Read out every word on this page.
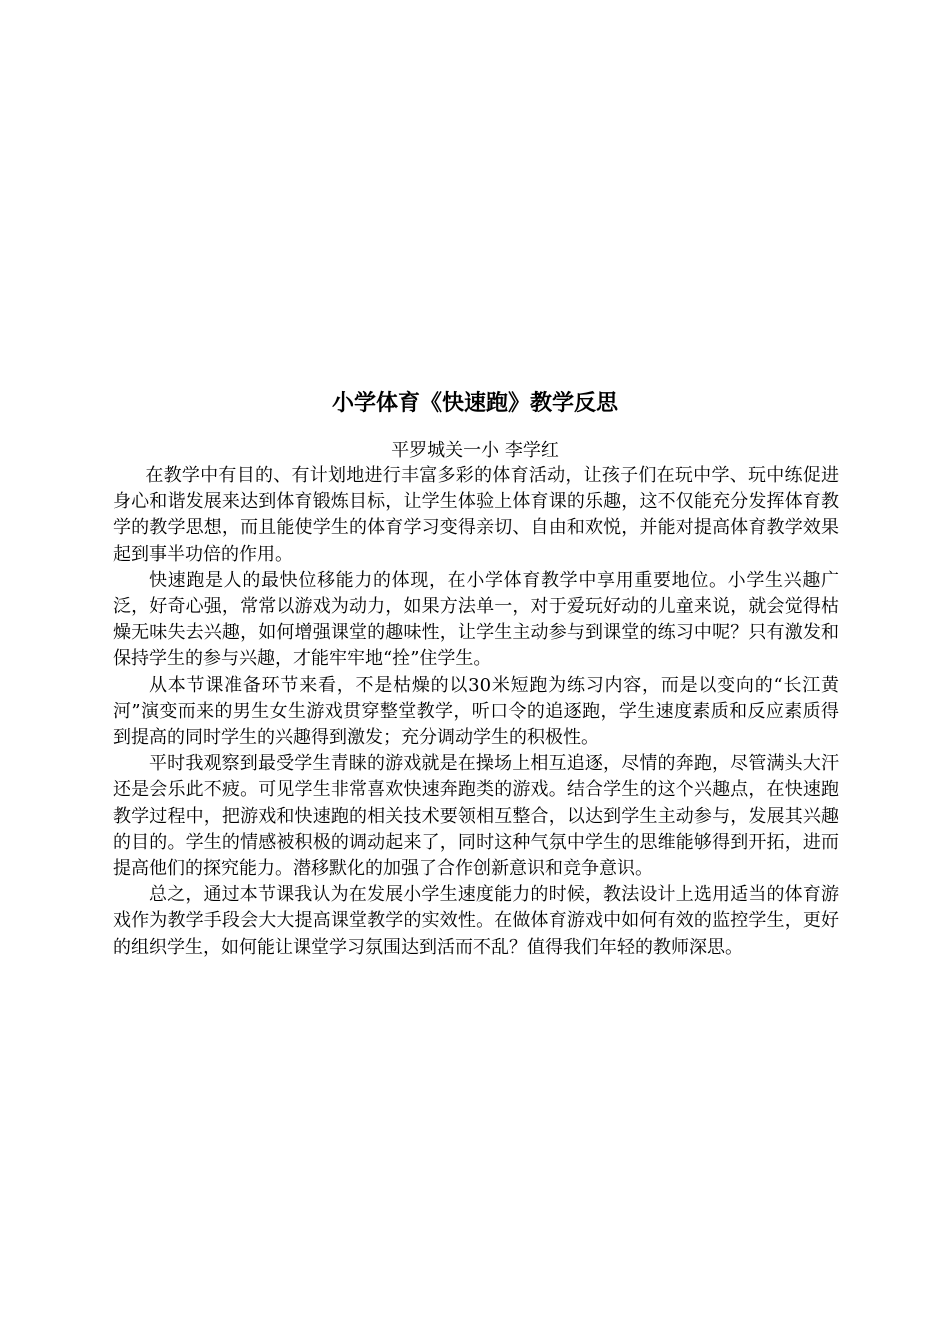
小学体育《快速跑》教学反思

平罗城关一小 李学红

在教学中有目的、有计划地进行丰富多彩的体育活动，让孩子们在玩中学、玩中练促进身心和谐发展来达到体育锻炼目标，让学生体验上体育课的乐趣，这不仅能充分发挥体育教学的教学思想，而且能使学生的体育学习变得亲切、自由和欢悦，并能对提高体育教学效果起到事半功倍的作用。

快速跑是人的最快位移能力的体现，在小学体育教学中享用重要地位。小学生兴趣广泛，好奇心强，常常以游戏为动力，如果方法单一，对于爱玩好动的儿童来说，就会觉得枯燥无味失去兴趣，如何增强课堂的趣味性，让学生主动参与到课堂的练习中呢？只有激发和保持学生的参与兴趣，才能牢牢地“拴”住学生。

从本节课准备环节来看，不是枯燥的以30米短跑为练习内容，而是以变向的“长江黄河”演变而来的男生女生游戏贯穿整堂教学，听口令的追逐跑，学生速度素质和反应素质得到提高的同时学生的兴趣得到激发；充分调动学生的积极性。

平时我观察到最受学生青睐的游戏就是在操场上相互追逐，尽情的奔跑，尽管满头大汗还是会乐此不疲。可见学生非常喜欢快速奔跑类的游戏。结合学生的这个兴趣点，在快速跑教学过程中，把游戏和快速跑的相关技术要领相互整合，以达到学生主动参与，发展其兴趣的目的。学生的情感被积极的调动起来了，同时这种气氛中学生的思维能够得到开拓，进而提高他们的探究能力。潜移默化的加强了合作创新意识和竞争意识。

总之，通过本节课我认为在发展小学生速度能力的时候，教法设计上选用适当的体育游戏作为教学手段会大大提高课堂教学的实效性。在做体育游戏中如何有效的监控学生，更好的组织学生，如何能让课堂学习氛围达到活而不乱？值得我们年轻的教师深思。
